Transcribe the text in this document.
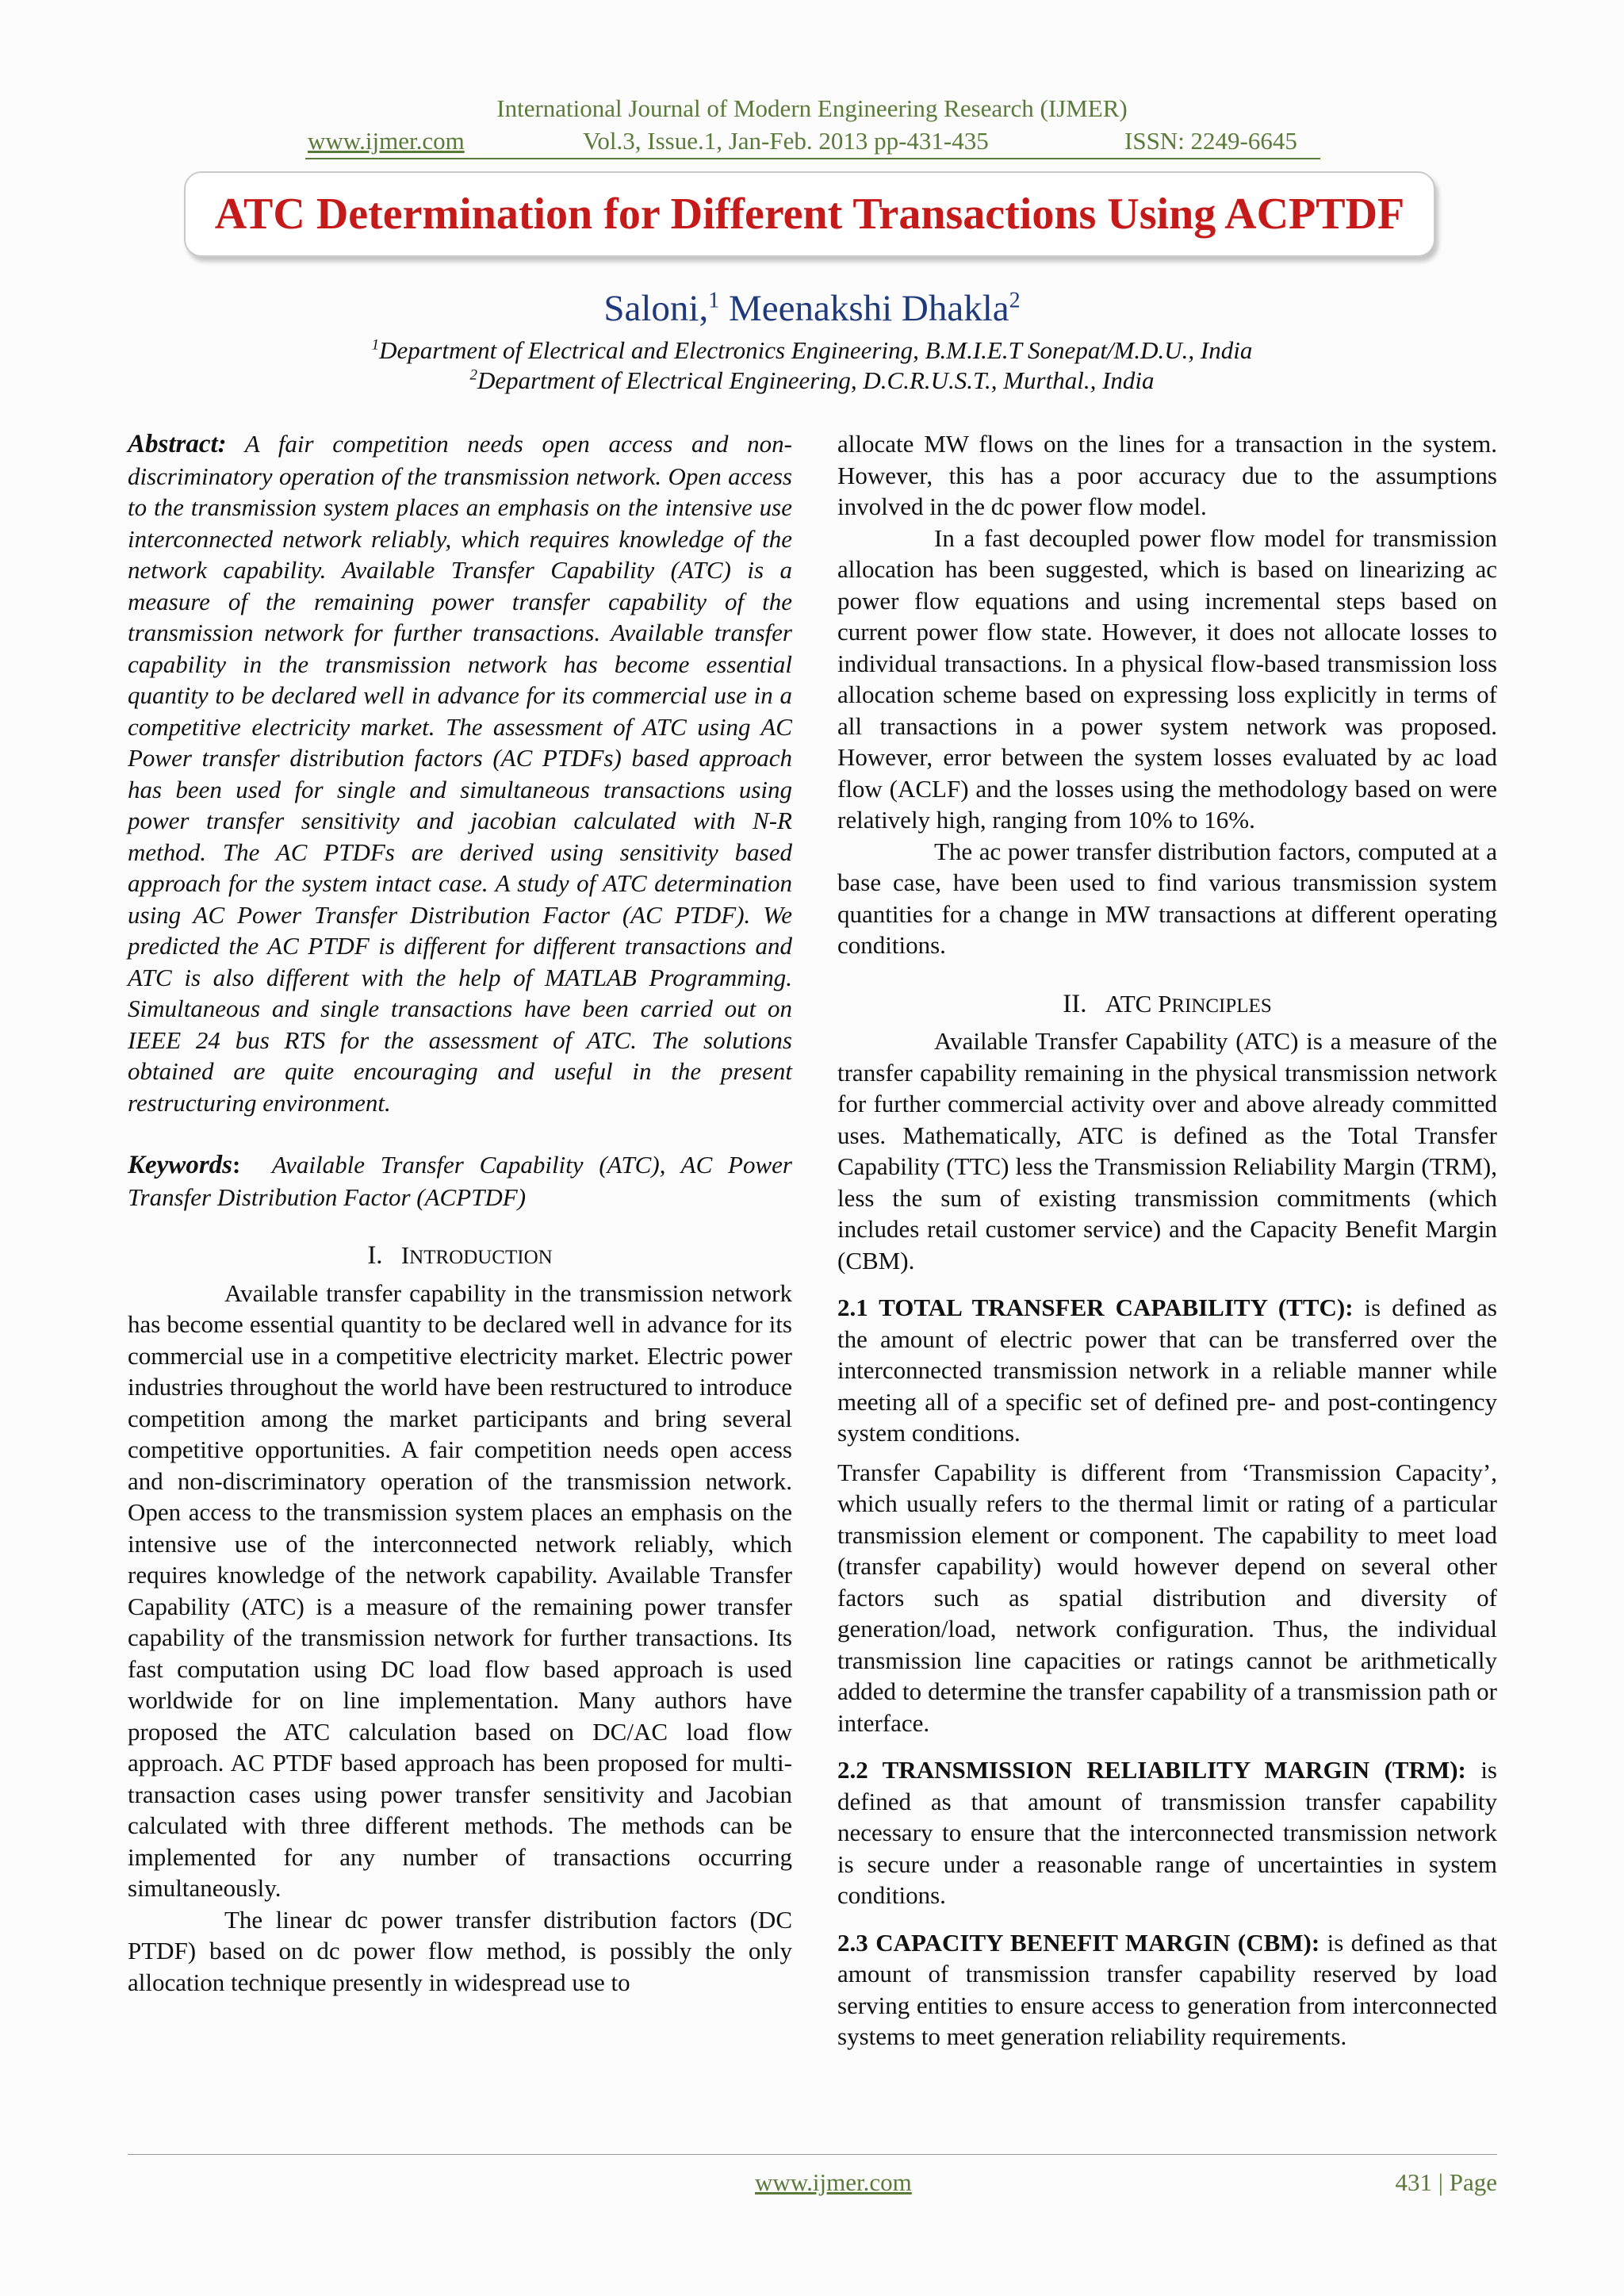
International Journal of Modern Engineering Research (IJMER)
www.ijmer.com	Vol.3, Issue.1, Jan-Feb. 2013 pp-431-435	ISSN: 2249-6645
ATC Determination for Different Transactions Using ACPTDF
Saloni,$^1$ Meenakshi Dhakla$^2$
$^1$Department of Electrical and Electronics Engineering, B.M.I.E.T Sonepat/M.D.U., India
$^2$Department of Electrical Engineering, D.C.R.U.S.T., Murthal., India

Abstract: A fair competition needs open access and non-discriminatory operation of the transmission network. Open access to the transmission system places an emphasis on the intensive use interconnected network reliably, which requires knowledge of the network capability. Available Transfer Capability (ATC) is a measure of the remaining power transfer capability of the transmission network for further transactions. Available transfer capability in the transmission network has become essential quantity to be declared well in advance for its commercial use in a competitive electricity market. The assessment of ATC using AC Power transfer distribution factors (AC PTDFs) based approach has been used for single and simultaneous transactions using power transfer sensitivity and jacobian calculated with N-R method. The AC PTDFs are derived using sensitivity based approach for the system intact case. A study of ATC determination using AC Power Transfer Distribution Factor (AC PTDF). We predicted the AC PTDF is different for different transactions and ATC is also different with the help of MATLAB Programming. Simultaneous and single transactions have been carried out on IEEE 24 bus RTS for the assessment of ATC. The solutions obtained are quite encouraging and useful in the present restructuring environment.

Keywords: Available Transfer Capability (ATC), AC Power Transfer Distribution Factor (ACPTDF)

I. INTRODUCTION

Available transfer capability in the transmission network has become essential quantity to be declared well in advance for its commercial use in a competitive electricity market. Electric power industries throughout the world have been restructured to introduce competition among the market participants and bring several competitive opportunities. A fair competition needs open access and non-discriminatory operation of the transmission network. Open access to the transmission system places an emphasis on the intensive use of the interconnected network reliably, which requires knowledge of the network capability. Available Transfer Capability (ATC) is a measure of the remaining power transfer capability of the transmission network for further transactions. Its fast computation using DC load flow based approach is used worldwide for on line implementation. Many authors have proposed the ATC calculation based on DC/AC load flow approach. AC PTDF based approach has been proposed for multi-transaction cases using power transfer sensitivity and Jacobian calculated with three different methods. The methods can be implemented for any number of transactions occurring simultaneously.

The linear dc power transfer distribution factors (DC PTDF) based on dc power flow method, is possibly the only allocation technique presently in widespread use to

allocate MW flows on the lines for a transaction in the system. However, this has a poor accuracy due to the assumptions involved in the dc power flow model.

In a fast decoupled power flow model for transmission allocation has been suggested, which is based on linearizing ac power flow equations and using incremental steps based on current power flow state. However, it does not allocate losses to individual transactions. In a physical flow-based transmission loss allocation scheme based on expressing loss explicitly in terms of all transactions in a power system network was proposed. However, error between the system losses evaluated by ac load flow (ACLF) and the losses using the methodology based on were relatively high, ranging from 10% to 16%.

The ac power transfer distribution factors, computed at a base case, have been used to find various transmission system quantities for a change in MW transactions at different operating conditions.

II. ATC PRINCIPLES

Available Transfer Capability (ATC) is a measure of the transfer capability remaining in the physical transmission network for further commercial activity over and above already committed uses. Mathematically, ATC is defined as the Total Transfer Capability (TTC) less the Transmission Reliability Margin (TRM), less the sum of existing transmission commitments (which includes retail customer service) and the Capacity Benefit Margin (CBM).

2.1 TOTAL TRANSFER CAPABILITY (TTC): is defined as the amount of electric power that can be transferred over the interconnected transmission network in a reliable manner while meeting all of a specific set of defined pre- and post-contingency system conditions.

Transfer Capability is different from ‘Transmission Capacity’, which usually refers to the thermal limit or rating of a particular transmission element or component. The capability to meet load (transfer capability) would however depend on several other factors such as spatial distribution and diversity of generation/load, network configuration. Thus, the individual transmission line capacities or ratings cannot be arithmetically added to determine the transfer capability of a transmission path or interface.

2.2 TRANSMISSION RELIABILITY MARGIN (TRM): is defined as that amount of transmission transfer capability necessary to ensure that the interconnected transmission network is secure under a reasonable range of uncertainties in system conditions.

2.3 CAPACITY BENEFIT MARGIN (CBM): is defined as that amount of transmission transfer capability reserved by load serving entities to ensure access to generation from interconnected systems to meet generation reliability requirements.

www.ijmer.com	431 | Page
